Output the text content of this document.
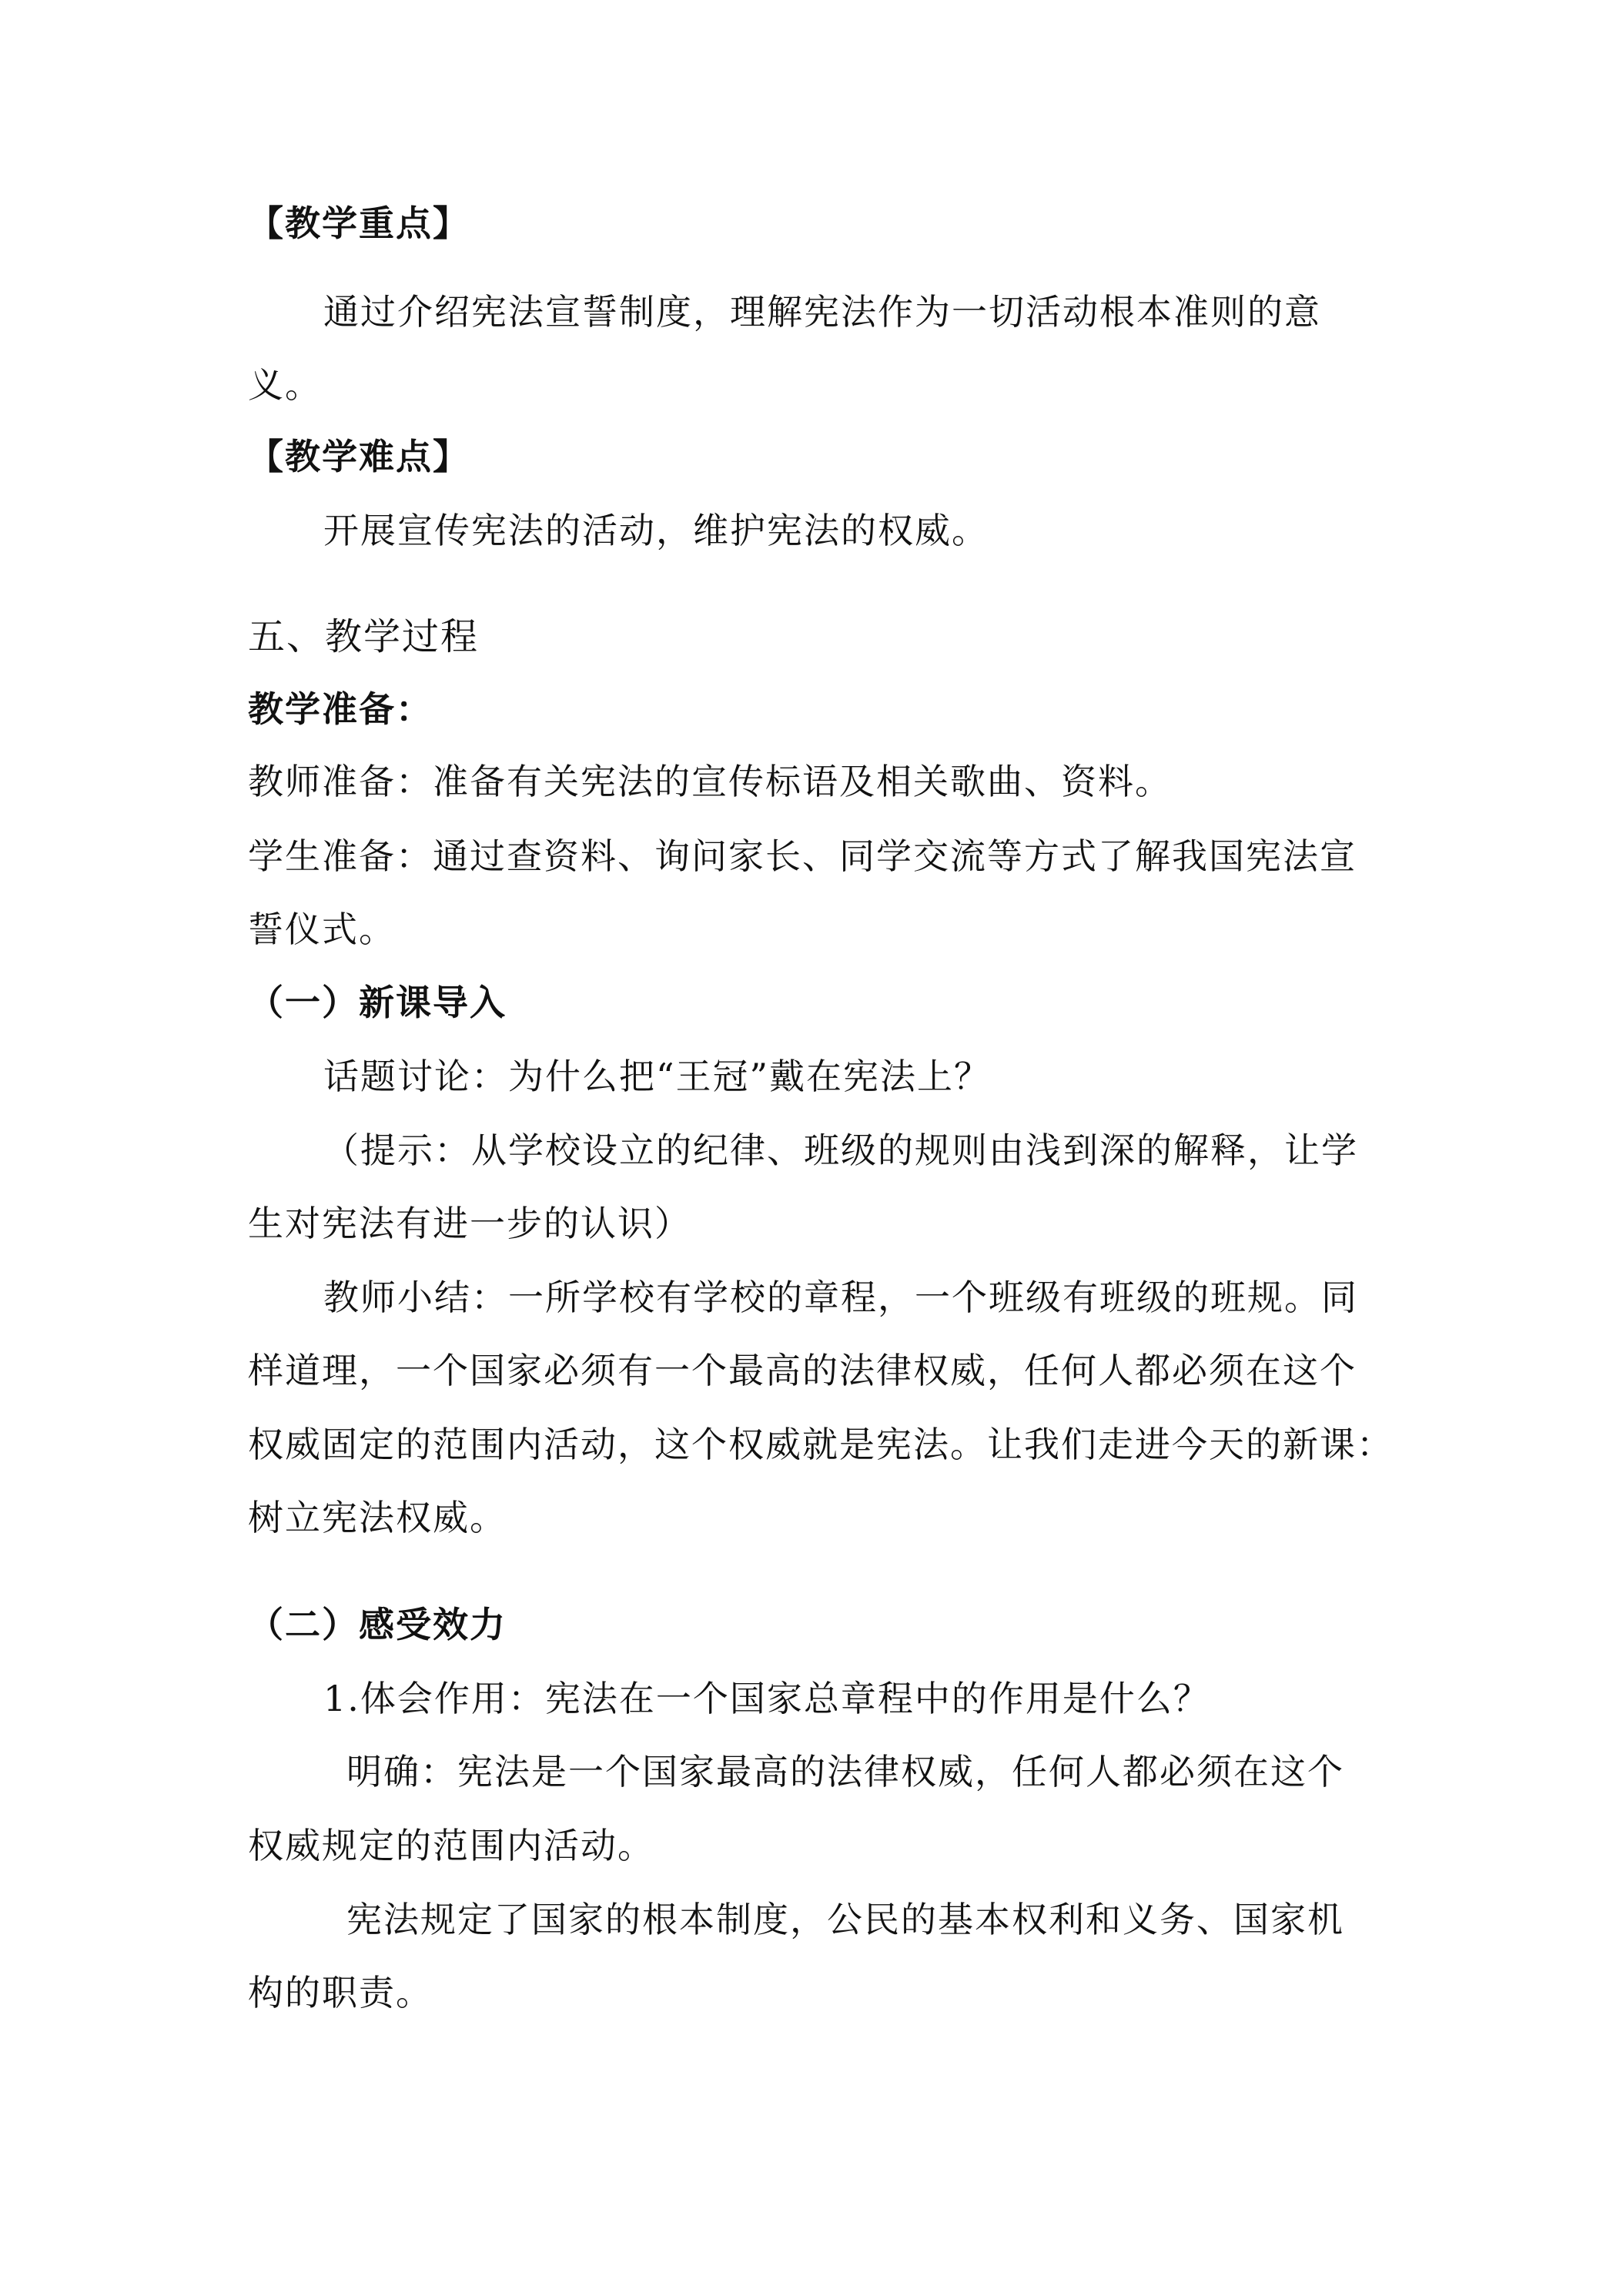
【教学重点】
通过介绍宪法宣誓制度，理解宪法作为一切活动根本准则的意
义。
【教学难点】
开展宣传宪法的活动，维护宪法的权威。
五、教学过程
教学准备：
教师准备：准备有关宪法的宣传标语及相关歌曲、资料。
学生准备：通过查资料、询问家长、同学交流等方式了解我国宪法宣
誓仪式。
（一）新课导入
话题讨论：为什么把“王冠”戴在宪法上？
（提示：从学校设立的纪律、班级的规则由浅到深的解释，让学
生对宪法有进一步的认识）
教师小结：一所学校有学校的章程，一个班级有班级的班规。同
样道理，一个国家必须有一个最高的法律权威，任何人都必须在这个
权威固定的范围内活动，这个权威就是宪法。让我们走进今天的新课：
树立宪法权威。
（二）感受效力
1.体会作用：宪法在一个国家总章程中的作用是什么？
明确：宪法是一个国家最高的法律权威，任何人都必须在这个
权威规定的范围内活动。
宪法规定了国家的根本制度，公民的基本权利和义务、国家机
构的职责。
